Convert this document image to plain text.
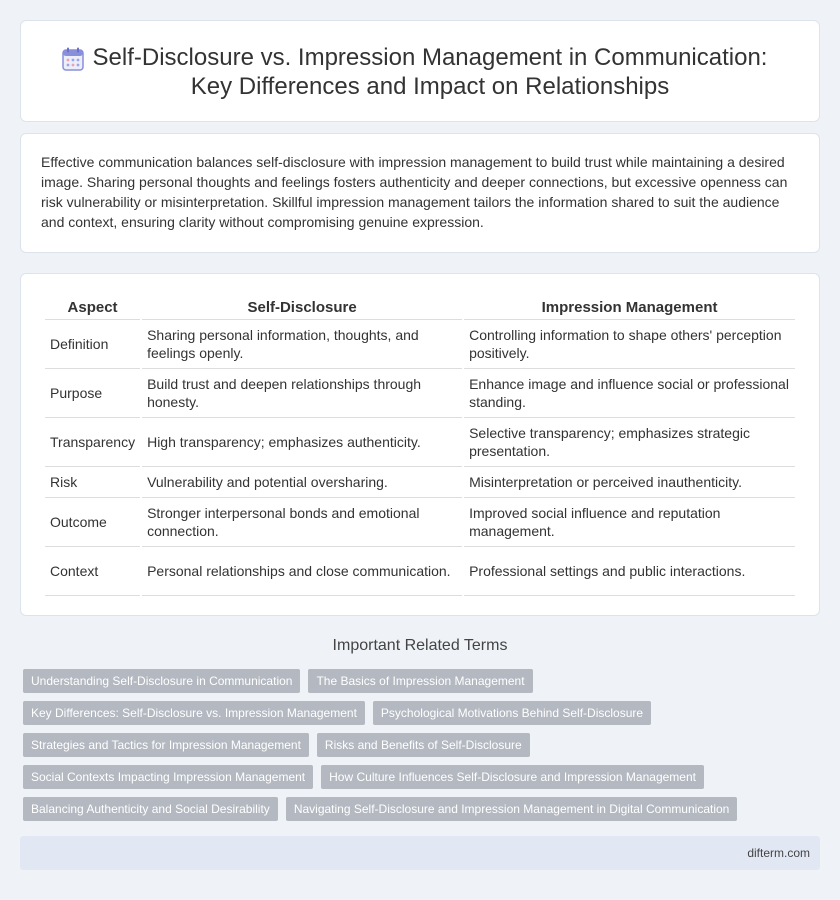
Self-Disclosure vs. Impression Management in Communication: Key Differences and Impact on Relationships

Effective communication balances self-disclosure with impression management to build trust while maintaining a desired image. Sharing personal thoughts and feelings fosters authenticity and deeper connections, but excessive openness can risk vulnerability or misinterpretation. Skillful impression management tailors the information shared to suit the audience and context, ensuring clarity without compromising genuine expression.

Aspect	Self-Disclosure	Impression Management
Definition	Sharing personal information, thoughts, and feelings openly.	Controlling information to shape others' perception positively.
Purpose	Build trust and deepen relationships through honesty.	Enhance image and influence social or professional standing.
Transparency	High transparency; emphasizes authenticity.	Selective transparency; emphasizes strategic presentation.
Risk	Vulnerability and potential oversharing.	Misinterpretation or perceived inauthenticity.
Outcome	Stronger interpersonal bonds and emotional connection.	Improved social influence and reputation management.
Context	Personal relationships and close communication.	Professional settings and public interactions.
Important Related Terms
Understanding Self-Disclosure in Communication	The Basics of Impression Management
Key Differences: Self-Disclosure vs. Impression Management	Psychological Motivations Behind Self-Disclosure
Strategies and Tactics for Impression Management	Risks and Benefits of Self-Disclosure
Social Contexts Impacting Impression Management	How Culture Influences Self-Disclosure and Impression Management
Balancing Authenticity and Social Desirability	Navigating Self-Disclosure and Impression Management in Digital Communication
difterm.com
